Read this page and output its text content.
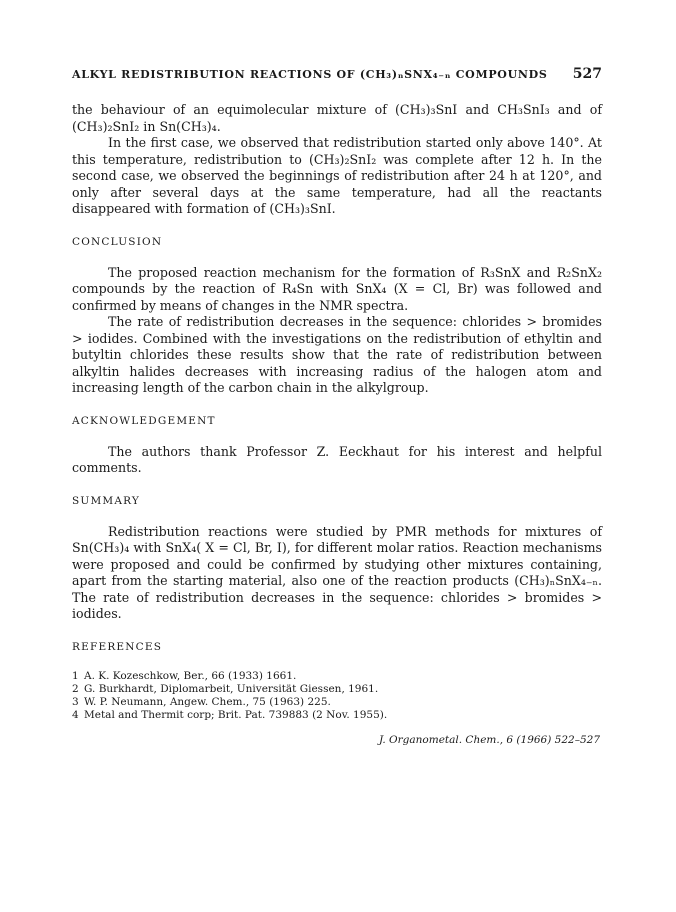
ALKYL REDISTRIBUTION REACTIONS OF (CH₃)ₙSNX₄₋ₙ COMPOUNDS 527

the behaviour of an equimolecular mixture of (CH₃)₃SnI and CH₃SnI₃ and of (CH₃)₂SnI₂ in Sn(CH₃)₄.

In the first case, we observed that redistribution started only above 140°. At this temperature, redistribution to (CH₃)₂SnI₂ was complete after 12 h. In the second case, we observed the beginnings of redistribution after 24 h at 120°, and only after several days at the same temperature, had all the reactants disappeared with formation of (CH₃)₃SnI.

CONCLUSION

The proposed reaction mechanism for the formation of R₃SnX and R₂SnX₂ compounds by the reaction of R₄Sn with SnX₄ (X = Cl, Br) was followed and confirmed by means of changes in the NMR spectra.

The rate of redistribution decreases in the sequence: chlorides > bromides > iodides. Combined with the investigations on the redistribution of ethyltin and butyltin chlorides these results show that the rate of redistribution between alkyltin halides decreases with increasing radius of the halogen atom and increasing length of the carbon chain in the alkylgroup.

ACKNOWLEDGEMENT

The authors thank Professor Z. Eeckhaut for his interest and helpful comments.

SUMMARY

Redistribution reactions were studied by PMR methods for mixtures of Sn(CH₃)₄ with SnX₄( X = Cl, Br, I), for different molar ratios. Reaction mechanisms were proposed and could be confirmed by studying other mixtures containing, apart from the starting material, also one of the reaction products (CH₃)ₙSnX₄₋ₙ. The rate of redistribution decreases in the sequence: chlorides > bromides > iodides.

REFERENCES
1 A. K. Kozeschkow, Ber., 66 (1933) 1661.
2 G. Burkhardt, Diplomarbeit, Universität Giessen, 1961.
3 W. P. Neumann, Angew. Chem., 75 (1963) 225.
4 Metal and Thermit corp; Brit. Pat. 739883 (2 Nov. 1955).
J. Organometal. Chem., 6 (1966) 522–527
